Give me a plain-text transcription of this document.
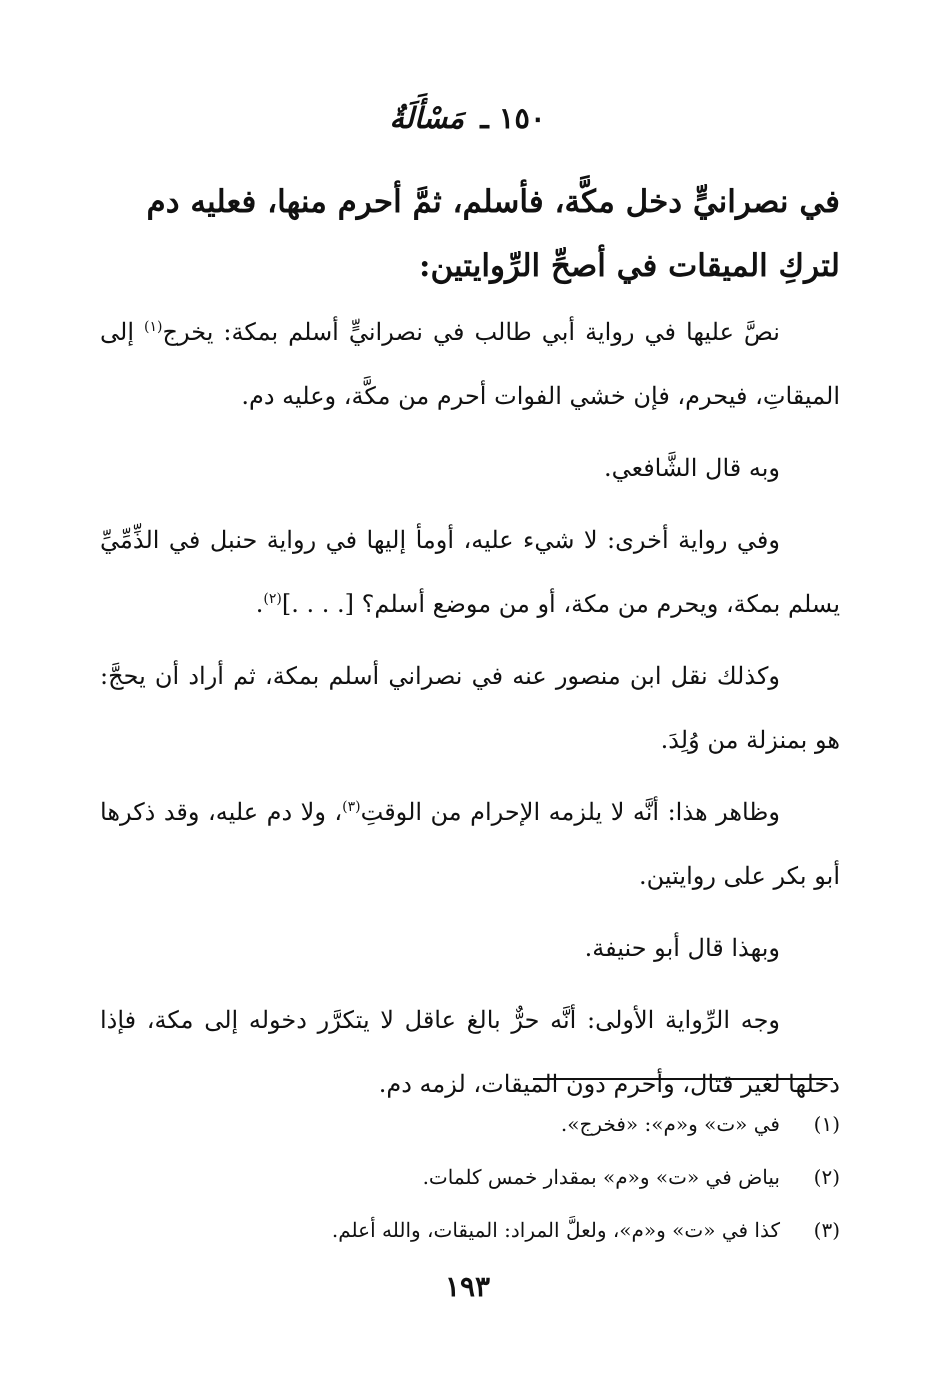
١٥٠ ـ مَسْأَلَةٌ
في نصرانيٍّ دخل مكَّة، فأسلم، ثمَّ أحرم منها، فعليه دم
لتركِ الميقات في أصحِّ الرِّوايتين:

نصَّ عليها في رواية أبي طالب في نصرانيٍّ أسلم بمكة: يخرج$^{(١)}$ إلى الميقاتِ، فيحرم، فإن خشي الفوات أحرم من مكَّة، وعليه دم.

وبه قال الشَّافعي.

وفي رواية أخرى: لا شيء عليه، أومأ إليها في رواية حنبل في الذِّمِّيِّ يسلم بمكة، ويحرم من مكة، أو من موضع أسلم؟ [. . . .]$^{(٢)}$.

وكذلك نقل ابن منصور عنه في نصراني أسلم بمكة، ثم أراد أن يحجَّ: هو بمنزلة من وُلِدَ.

وظاهر هذا: أنَّه لا يلزمه الإحرام من الوقتِ$^{(٣)}$، ولا دم عليه، وقد ذكرها أبو بكر على روايتين.

وبهذا قال أبو حنيفة.

وجه الرِّواية الأولى: أنَّه حرٌّ بالغ عاقل لا يتكرَّر دخوله إلى مكة، فإذا دخلها لغير قتال، وأحرم دون الميقات، لزمه دم.

(١)في «ت» و«م»: «فخرج».
(٢)بياض في «ت» و«م» بمقدار خمس كلمات.
(٣)كذا في «ت» و«م»، ولعلَّ المراد: الميقات، والله أعلم.
١٩٣
